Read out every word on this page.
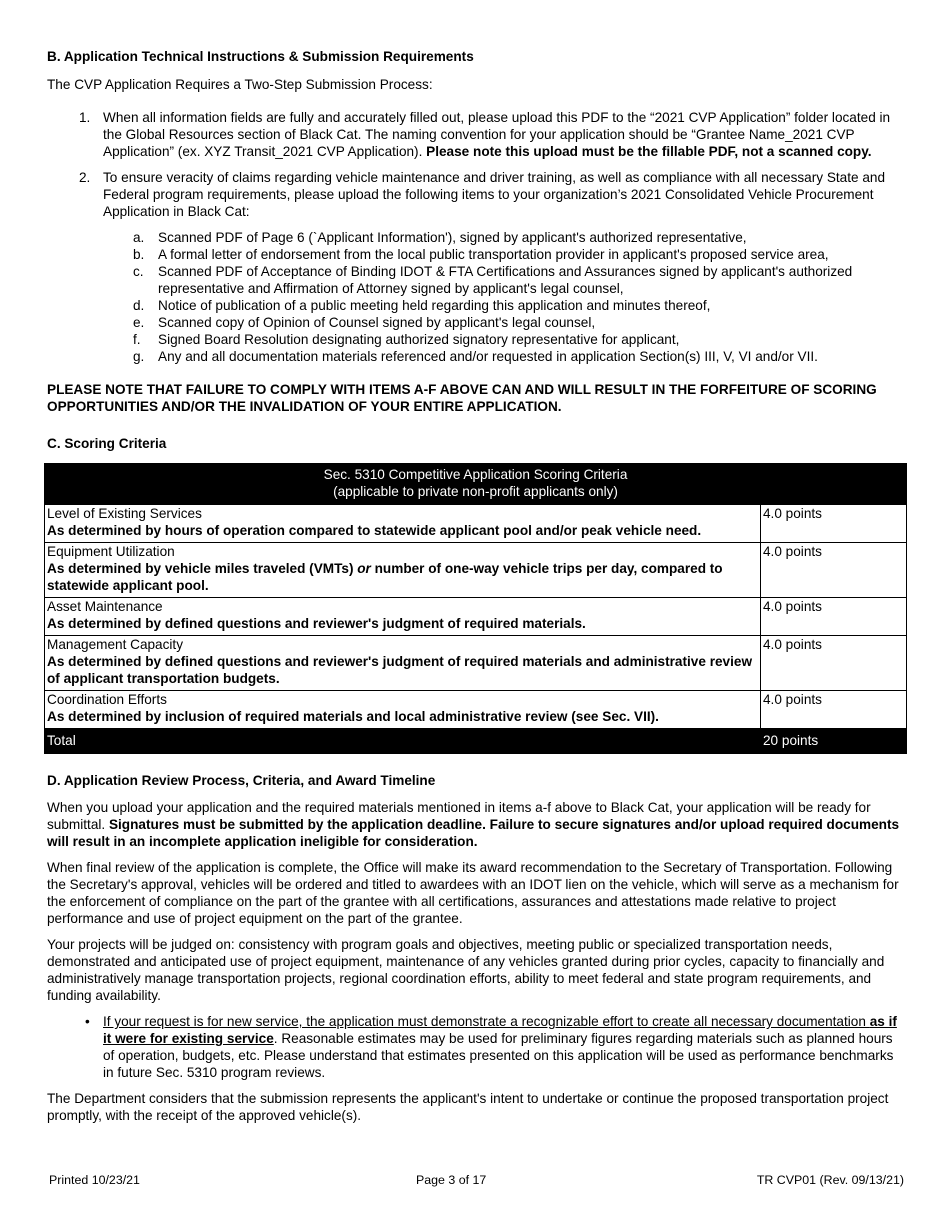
B. Application Technical Instructions & Submission Requirements

The CVP Application Requires a Two-Step Submission Process:

1. When all information fields are fully and accurately filled out, please upload this PDF to the “2021 CVP Application” folder located in the Global Resources section of Black Cat. The naming convention for your application should be “Grantee Name_2021 CVP Application” (ex. XYZ Transit_2021 CVP Application). Please note this upload must be the fillable PDF, not a scanned copy.
2. To ensure veracity of claims regarding vehicle maintenance and driver training, as well as compliance with all necessary State and Federal program requirements, please upload the following items to your organization’s 2021 Consolidated Vehicle Procurement Application in Black Cat:
a. Scanned PDF of Page 6 (`Applicant Information'), signed by applicant's authorized representative,
b. A formal letter of endorsement from the local public transportation provider in applicant's proposed service area,
c. Scanned PDF of Acceptance of Binding IDOT & FTA Certifications and Assurances signed by applicant's authorized representative and Affirmation of Attorney signed by applicant's legal counsel,
d. Notice of publication of a public meeting held regarding this application and minutes thereof,
e. Scanned copy of Opinion of Counsel signed by applicant's legal counsel,
f. Signed Board Resolution designating authorized signatory representative for applicant,
g. Any and all documentation materials referenced and/or requested in application Section(s) III, V, VI and/or VII.

PLEASE NOTE THAT FAILURE TO COMPLY WITH ITEMS A-F ABOVE CAN AND WILL RESULT IN THE FORFEITURE OF SCORING OPPORTUNITIES AND/OR THE INVALIDATION OF YOUR ENTIRE APPLICATION.

C. Scoring Criteria
Sec. 5310 Competitive Application Scoring Criteria
(applicable to private non-profit applicants only)	

Level of Existing Services
As determined by hours of operation compared to statewide applicant pool and/or peak vehicle need.	4.0 points

Equipment Utilization
As determined by vehicle miles traveled (VMTs) or number of one-way vehicle trips per day, compared to statewide applicant pool.	4.0 points

Asset Maintenance
As determined by defined questions and reviewer's judgment of required materials.	4.0 points

Management Capacity
As determined by defined questions and reviewer's judgment of required materials and administrative review of applicant transportation budgets.	4.0 points

Coordination Efforts
As determined by inclusion of required materials and local administrative review (see Sec. VII).	4.0 points
Total	20 points
D. Application Review Process, Criteria, and Award Timeline

When you upload your application and the required materials mentioned in items a-f above to Black Cat, your application will be ready for submittal. Signatures must be submitted by the application deadline. Failure to secure signatures and/or upload required documents will result in an incomplete application ineligible for consideration.

When final review of the application is complete, the Office will make its award recommendation to the Secretary of Transportation. Following the Secretary's approval, vehicles will be ordered and titled to awardees with an IDOT lien on the vehicle, which will serve as a mechanism for the enforcement of compliance on the part of the grantee with all certifications, assurances and attestations made relative to project performance and use of project equipment on the part of the grantee.

Your projects will be judged on: consistency with program goals and objectives, meeting public or specialized transportation needs, demonstrated and anticipated use of project equipment, maintenance of any vehicles granted during prior cycles, capacity to financially and administratively manage transportation projects, regional coordination efforts, ability to meet federal and state program requirements, and funding availability.

• If your request is for new service, the application must demonstrate a recognizable effort to create all necessary documentation as if it were for existing service. Reasonable estimates may be used for preliminary figures regarding materials such as planned hours of operation, budgets, etc. Please understand that estimates presented on this application will be used as performance benchmarks in future Sec. 5310 program reviews.

The Department considers that the submission represents the applicant's intent to undertake or continue the proposed transportation project promptly, with the receipt of the approved vehicle(s).

Printed 10/23/21	Page 3 of 17	TR CVP01 (Rev. 09/13/21)
